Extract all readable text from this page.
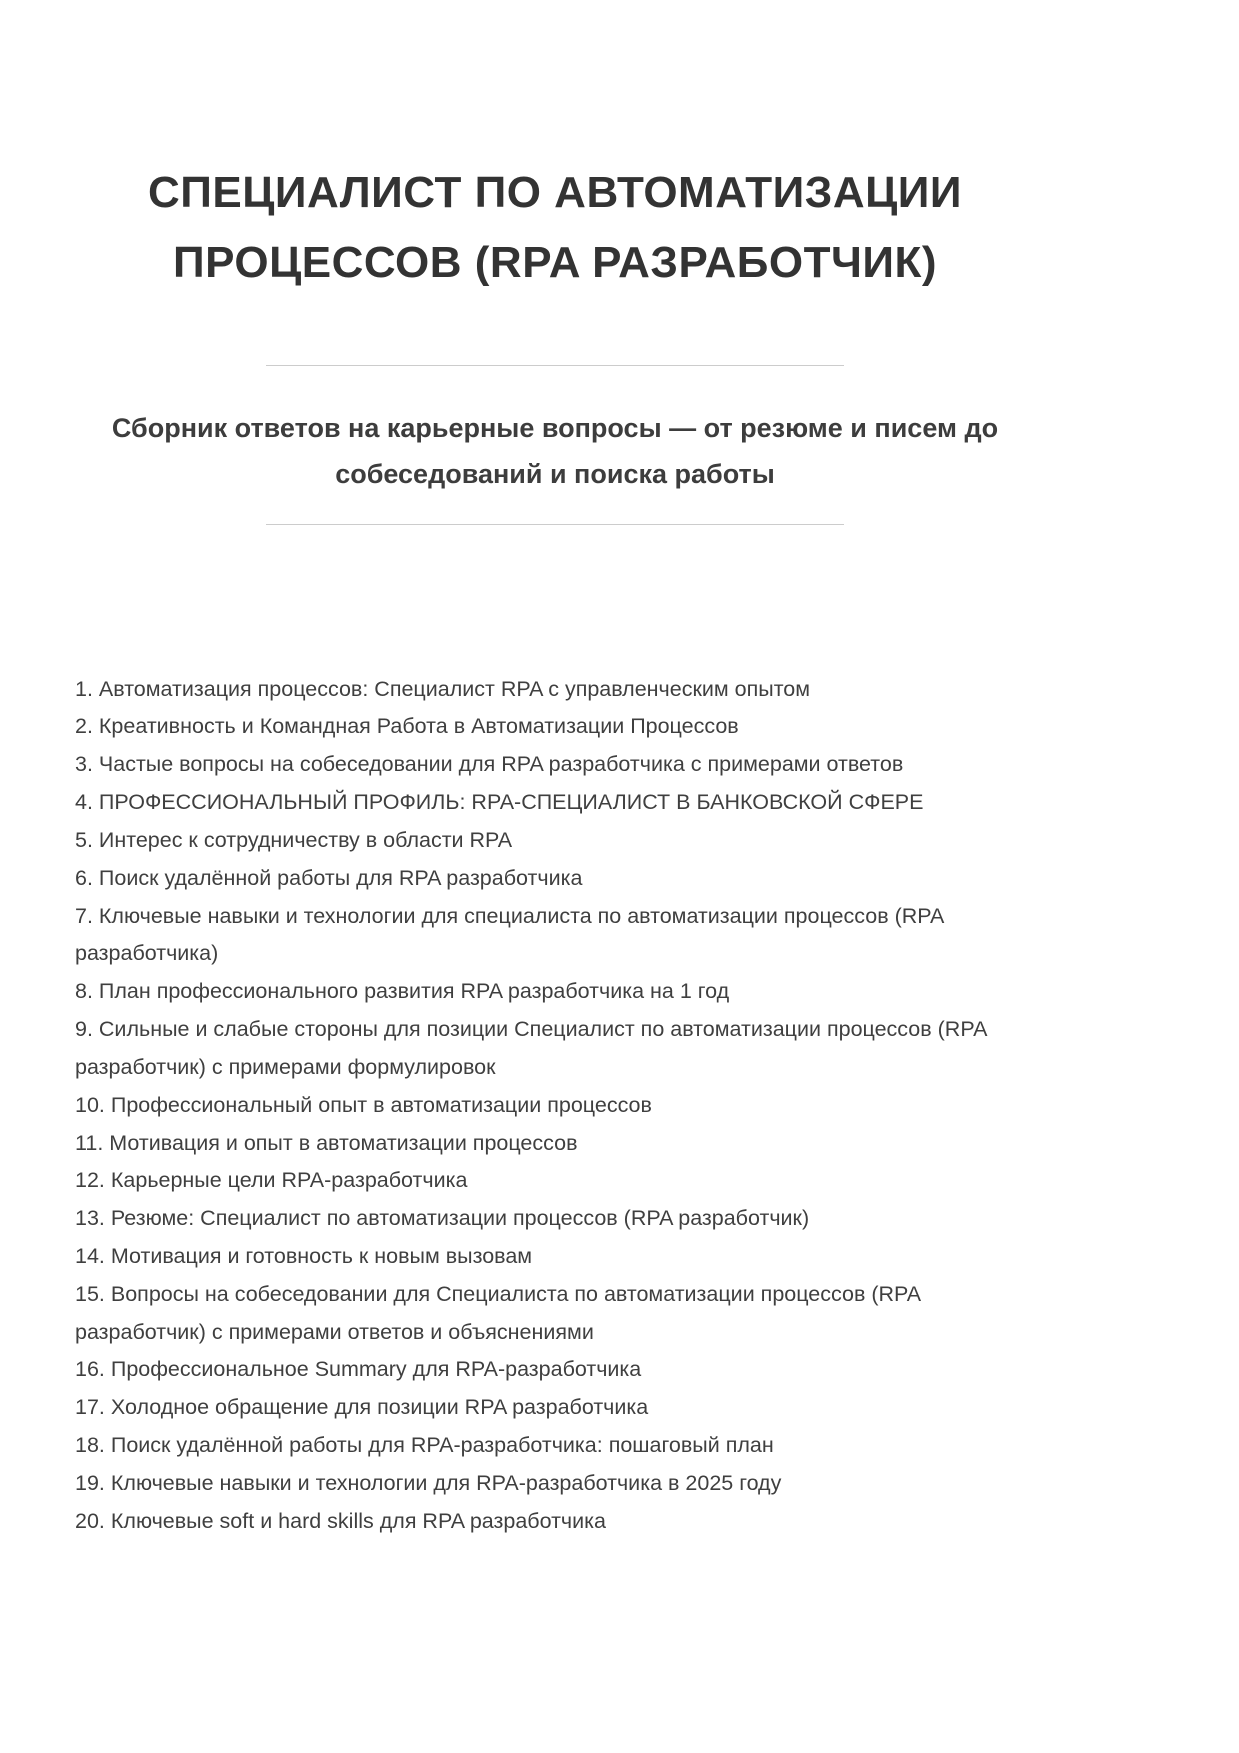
СПЕЦИАЛИСТ ПО АВТОМАТИЗАЦИИ ПРОЦЕССОВ (RPA РАЗРАБОТЧИК)
Сборник ответов на карьерные вопросы — от резюме и писем до собеседований и поиска работы

1. Автоматизация процессов: Специалист RPA с управленческим опытом

2. Креативность и Командная Работа в Автоматизации Процессов

3. Частые вопросы на собеседовании для RPA разработчика с примерами ответов

4. ПРОФЕССИОНАЛЬНЫЙ ПРОФИЛЬ: RPA-СПЕЦИАЛИСТ В БАНКОВСКОЙ СФЕРЕ

5. Интерес к сотрудничеству в области RPA

6. Поиск удалённой работы для RPA разработчика

7. Ключевые навыки и технологии для специалиста по автоматизации процессов (RPA разработчика)

8. План профессионального развития RPA разработчика на 1 год

9. Сильные и слабые стороны для позиции Специалист по автоматизации процессов (RPA разработчик) с примерами формулировок

10. Профессиональный опыт в автоматизации процессов

11. Мотивация и опыт в автоматизации процессов

12. Карьерные цели RPA-разработчика

13. Резюме: Специалист по автоматизации процессов (RPA разработчик)

14. Мотивация и готовность к новым вызовам

15. Вопросы на собеседовании для Специалиста по автоматизации процессов (RPA разработчик) с примерами ответов и объяснениями

16. Профессиональное Summary для RPA-разработчика

17. Холодное обращение для позиции RPA разработчика

18. Поиск удалённой работы для RPA-разработчика: пошаговый план

19. Ключевые навыки и технологии для RPA-разработчика в 2025 году

20. Ключевые soft и hard skills для RPA разработчика
